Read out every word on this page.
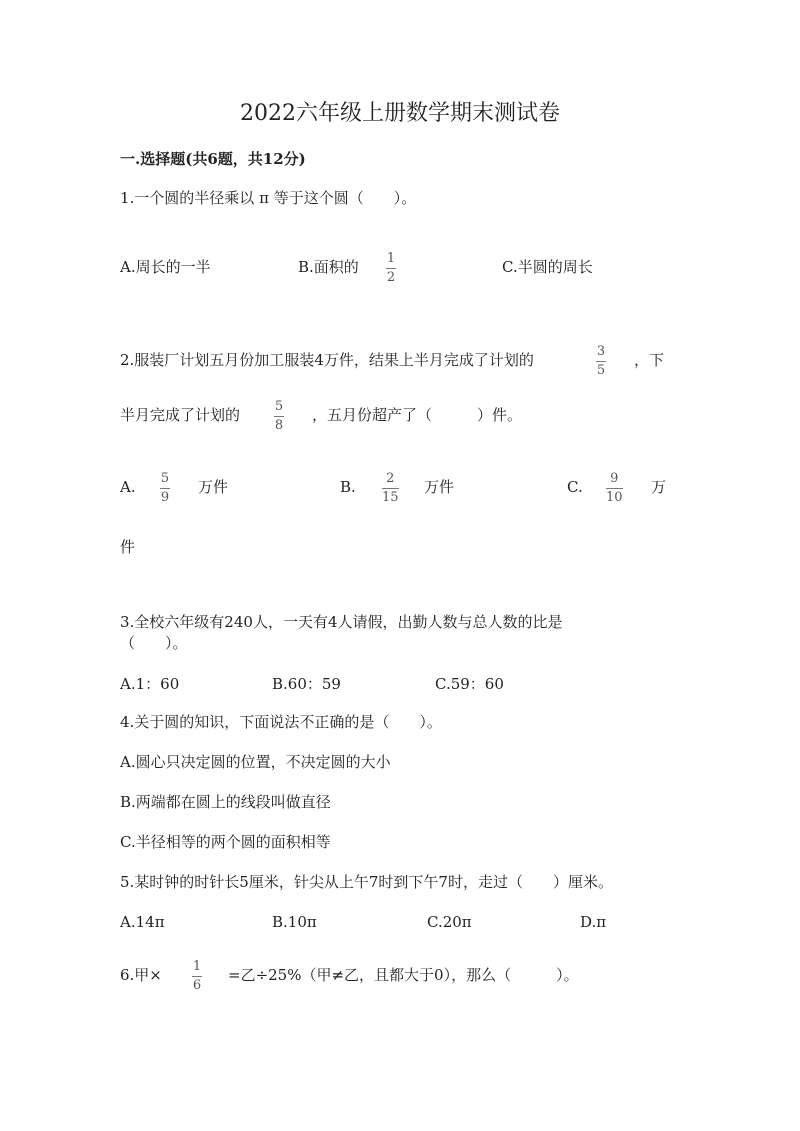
2022六年级上册数学期末测试卷
一.选择题(共6题，共12分)
1.一个圆的半径乘以 π 等于这个圆（　　）。
A.周长的一半	B.面积的 1
2
C.半圆的周长
2.服装厂计划五月份加工服装4万件，结果上半月完成了计划的	3
5
，下
半月完成了计划的	5
8
，五月份超产了（　　　）件。
A. 5
9
万件	B. 2
15
万件	C. 9
10
万
件
3.全校六年级有240人，一天有4人请假，出勤人数与总人数的比是
（　　）。
A.1：60	B.60：59	C.59：60
4.关于圆的知识，下面说法不正确的是（　　）。
A.圆心只决定圆的位置，不决定圆的大小
B.两端都在圆上的线段叫做直径
C.半径相等的两个圆的面积相等
5.某时钟的时针长5厘米，针尖从上午7时到下午7时，走过（　　）厘米。
A.14π	B.10π	C.20π	D.π
6.甲× 1
6
=乙÷25%（甲≠乙，且都大于0），那么（　　　）。
